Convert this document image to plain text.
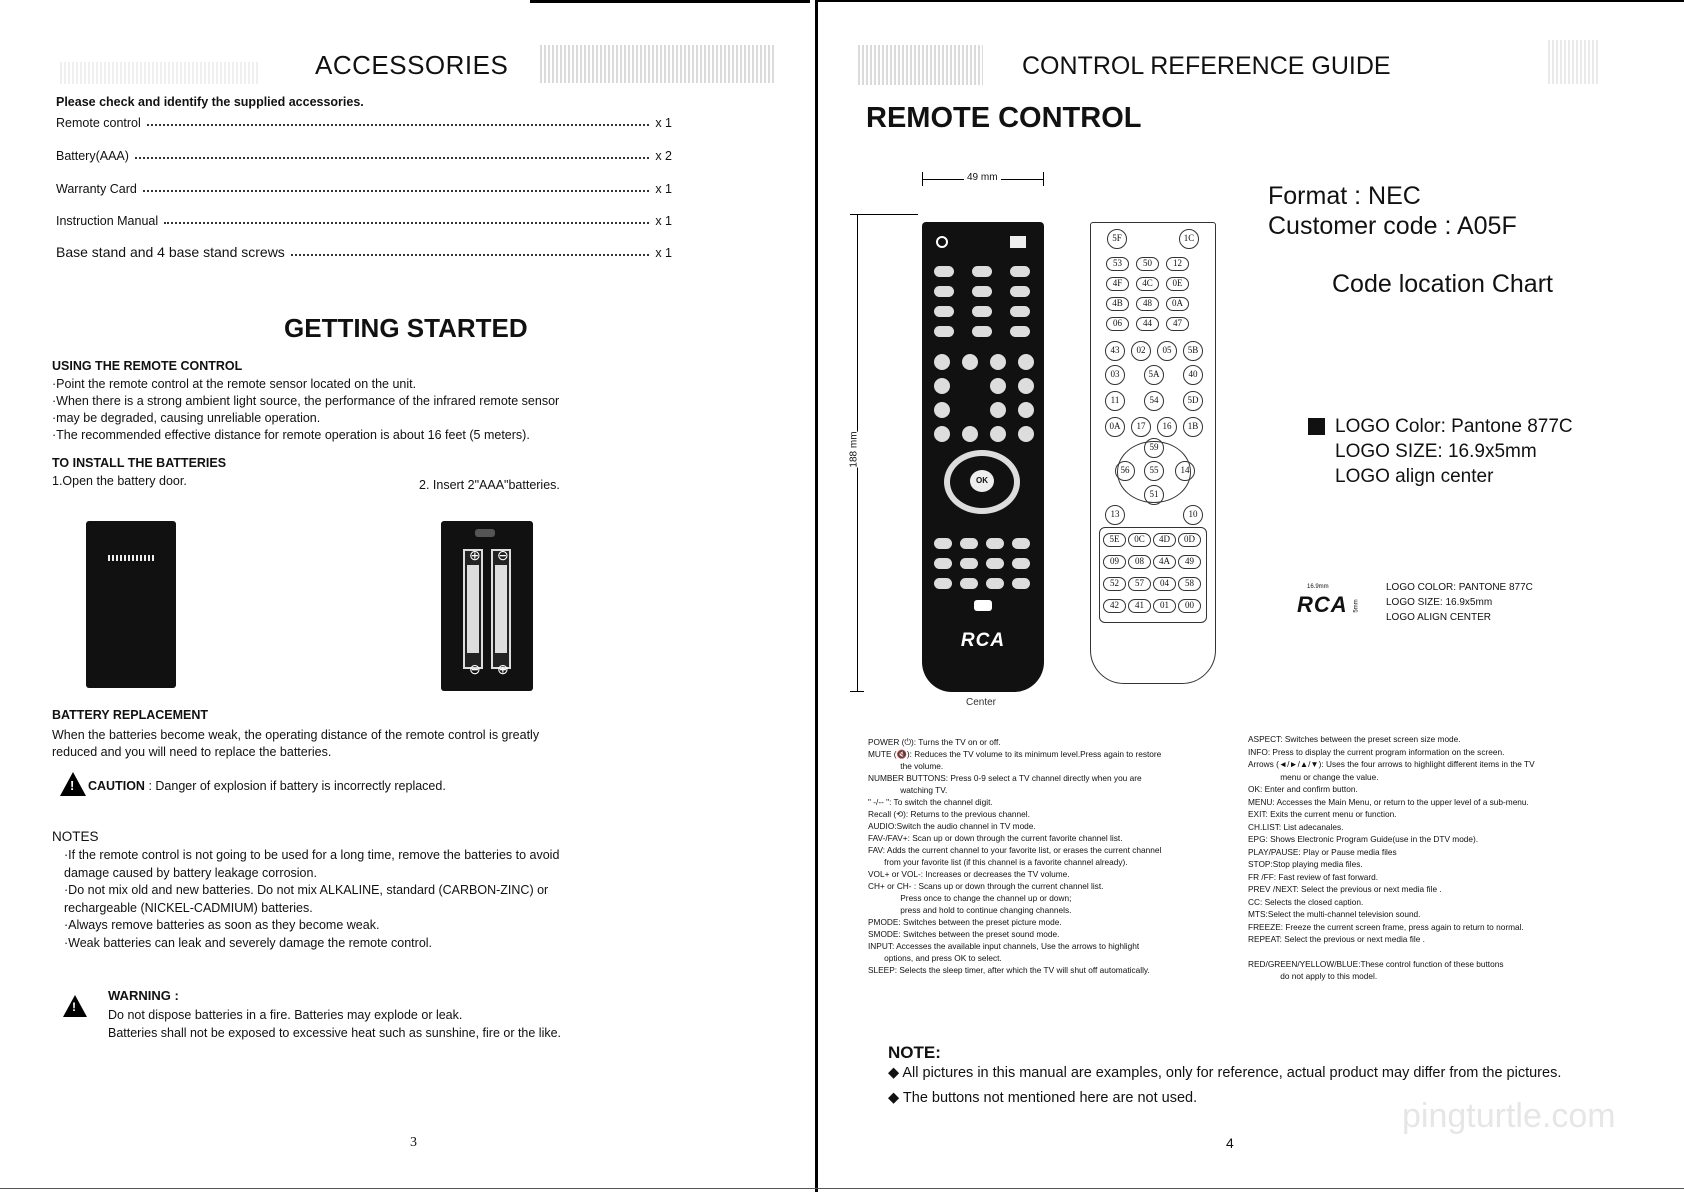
ACCESSORIES
Please check and identify the supplied accessories.
Remote control	x 1
Battery(AAA)	x 2
Warranty Card	x 1
Instruction Manual	x 1
Base stand and 4 base stand screws	x 1
GETTING STARTED
USING THE REMOTE CONTROL
·Point the remote control at the remote sensor located on the unit.
·When there is a strong ambient light source, the performance of the infrared remote sensor
·may be degraded, causing unreliable operation.
·The recommended effective distance for remote operation is about 16 feet (5 meters).
TO INSTALL THE BATTERIES
1.Open the battery door.	2. Insert 2"AAA"batteries.
⊕ ⊖
⊖ ⊕
BATTERY REPLACEMENT
When the batteries become weak, the operating distance of the remote control is greatly
reduced and you will need to replace the batteries.
! CAUTION : Danger of explosion if battery is incorrectly replaced.
NOTES
·If the remote control is not going to be used for a long time, remove the batteries to avoid
damage caused by battery leakage corrosion.
·Do not mix old and new batteries. Do not mix ALKALINE, standard (CARBON-ZINC) or
rechargeable (NICKEL-CADMIUM) batteries.
·Always remove batteries as soon as they become weak.
·Weak batteries can leak and severely damage the remote control.
!
WARNING :
Do not dispose batteries in a fire. Batteries may explode or leak.
Batteries shall not be exposed to excessive heat such as sunshine, fire or the like.
3
CONTROL REFERENCE GUIDE
REMOTE CONTROL
49 mm
188 mm
OK
RCA
Center
5F	1C
53	50	12
4F	4C	0E
4B	48	0A
06	44	47
43	02	05	5B
03	5A	40
11	54	5D
0A	17	16	1B
59
56	55	14
51
13	10
5E	0C	4D	0D
09	08	4A	49
52	57	04	58
42	41	01	00
Format : NEC
Customer code : A05F
Code location Chart
LOGO Color: Pantone 877C
LOGO SIZE: 16.9x5mm
LOGO align center
16.9mm
RCA 5mm
LOGO COLOR: PANTONE 877C
LOGO SIZE: 16.9x5mm
LOGO ALIGN CENTER
POWER (⏻): Turns the TV on or off.
MUTE (🔇): Reduces the TV volume to its minimum level.Press again to restore
the volume.
NUMBER BUTTONS: Press 0-9 select a TV channel directly when you are
watching TV.
" -/-- ": To switch the channel digit.
Recall (⟲): Returns to the previous channel.
AUDIO:Switch the audio channel in TV mode.
FAV-/FAV+: Scan up or down through the current favorite channel list.
FAV: Adds the current channel to your favorite list, or erases the current channel
from your favorite list (if this channel is a favorite channel already).
VOL+ or VOL-: Increases or decreases the TV volume.
CH+ or CH- : Scans up or down through the current channel list.
Press once to change the channel up or down;
press and hold to continue changing channels.
PMODE: Switches between the preset picture mode.
SMODE: Switches between the preset sound mode.
INPUT: Accesses the available input channels, Use the arrows to highlight
options, and press OK to select.
SLEEP: Selects the sleep timer, after which the TV will shut off automatically.
ASPECT: Switches between the preset screen size mode.
INFO: Press to display the current program information on the screen.
Arrows (◄/►/▲/▼): Uses the four arrows to highlight different items in the TV
menu or change the value.
OK: Enter and confirm button.
MENU: Accesses the Main Menu, or return to the upper level of a sub-menu.
EXIT: Exits the current menu or function.
CH.LIST: List adecanales.
EPG: Shows Electronic Program Guide(use in the DTV mode).
PLAY/PAUSE: Play or Pause media files
STOP:Stop playing media files.
FR /FF: Fast review of fast forward.
PREV /NEXT: Select the previous or next media file .
CC: Selects the closed caption.
MTS:Select the multi-channel television sound.
FREEZE: Freeze the current screen frame, press again to return to normal.
REPEAT: Select the previous or next media file .
RED/GREEN/YELLOW/BLUE:These control function of these buttons
do not apply to this model.
NOTE:
◆ All pictures in this manual are examples, only for reference, actual product may differ from the pictures.
◆ The buttons not mentioned here are not used.	pingturtle.com
4
